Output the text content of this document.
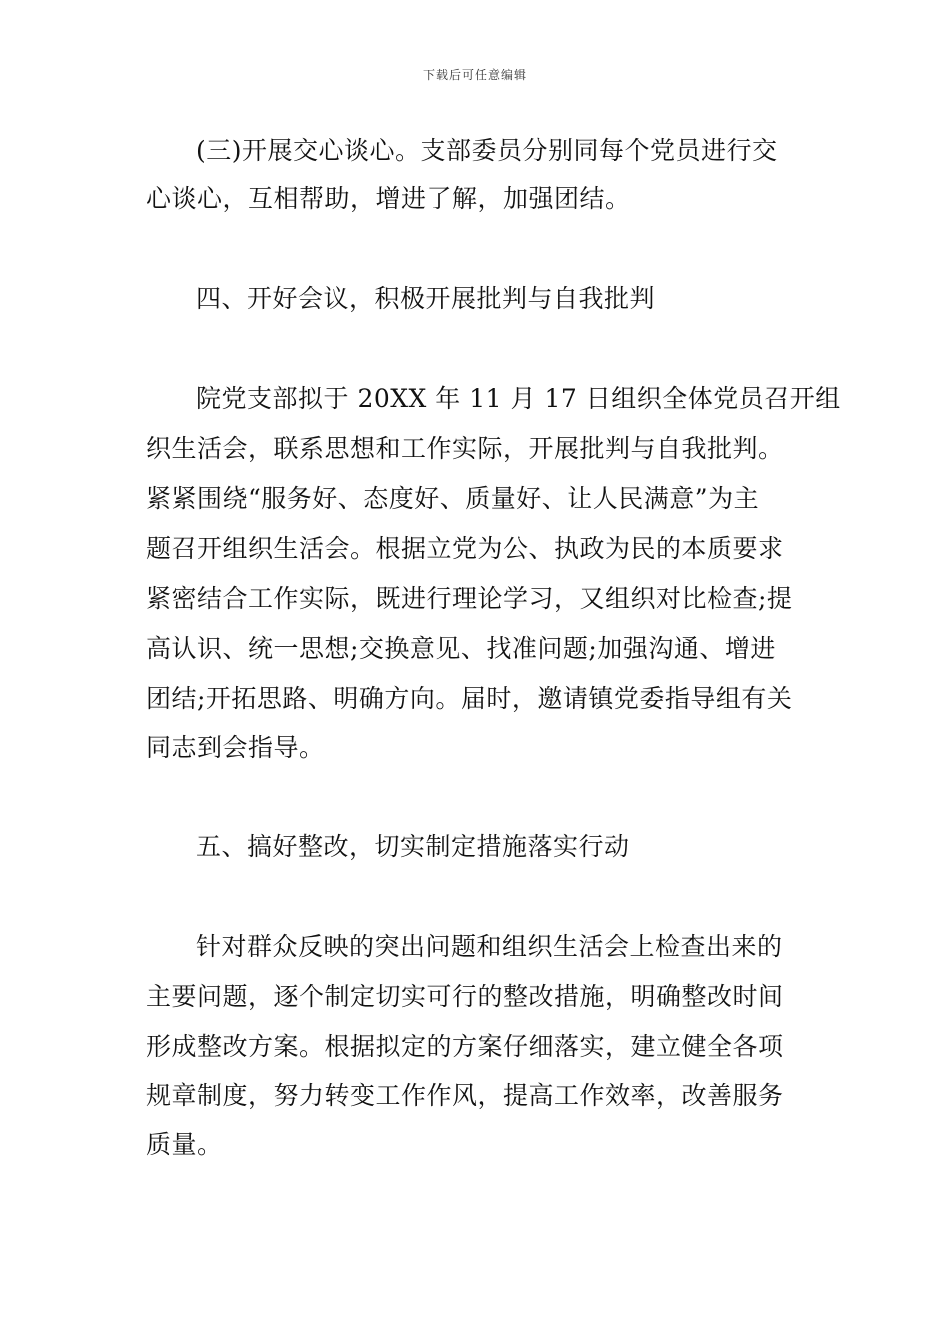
下载后可任意编辑
(三)开展交心谈心。支部委员分别同每个党员进行交
心谈心，互相帮助，增进了解，加强团结。
四、开好会议，积极开展批判与自我批判
院党支部拟于 20XX 年 11 月 17 日组织全体党员召开组
织生活会，联系思想和工作实际，开展批判与自我批判。
紧紧围绕“服务好、态度好、质量好、让人民满意”为主
题召开组织生活会。根据立党为公、执政为民的本质要求
紧密结合工作实际，既进行理论学习，又组织对比检查;提
高认识、统一思想;交换意见、找准问题;加强沟通、增进
团结;开拓思路、明确方向。届时，邀请镇党委指导组有关
同志到会指导。
五、搞好整改，切实制定措施落实行动
针对群众反映的突出问题和组织生活会上检查出来的
主要问题，逐个制定切实可行的整改措施，明确整改时间
形成整改方案。根据拟定的方案仔细落实，建立健全各项
规章制度，努力转变工作作风，提高工作效率，改善服务
质量。
